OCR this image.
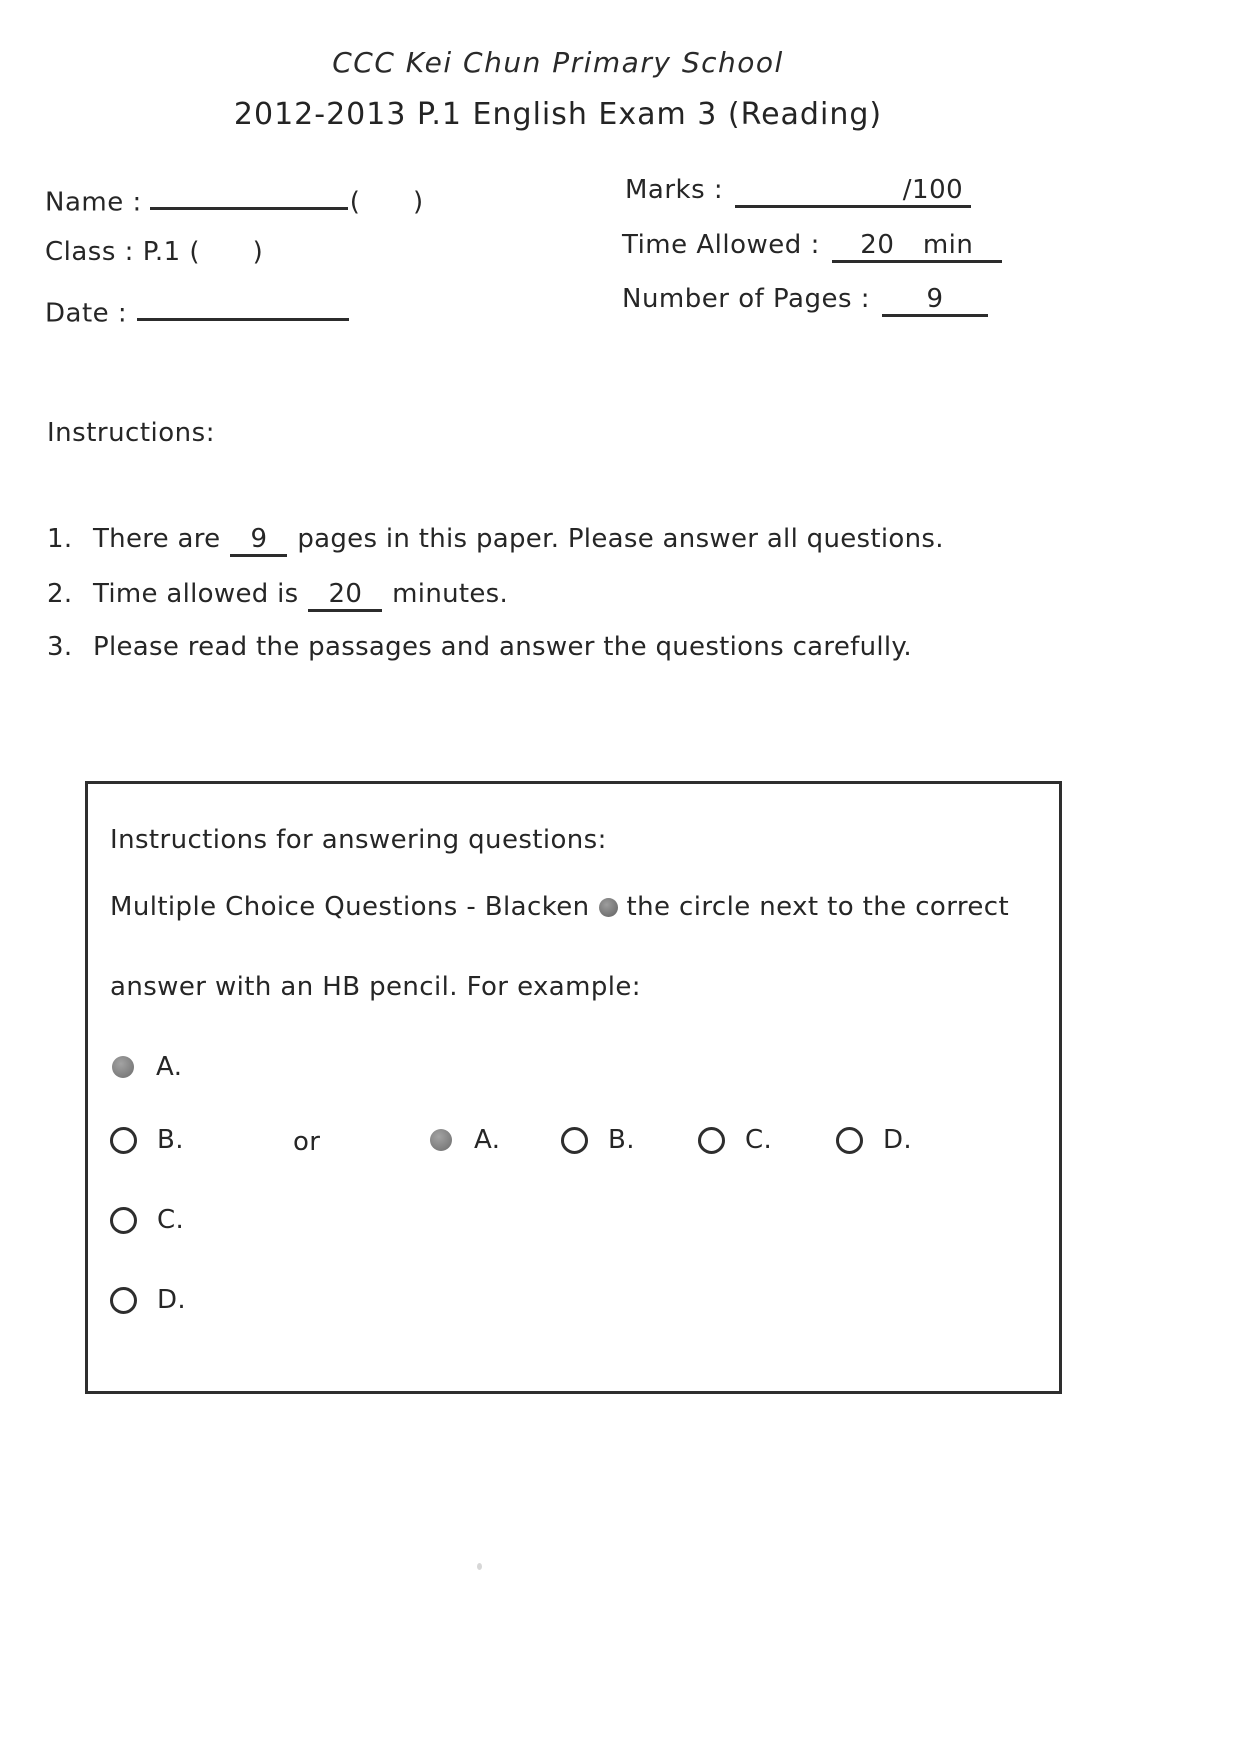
CCC Kei Chun Primary School
2012-2013 P.1 English Exam 3 (Reading)
Name :	(      )
Class : P.1 (      )
Date :
Marks :	/100
Time Allowed : 20 min
Number of Pages : 9
Instructions:
1. There are 9 pages in this paper. Please answer all questions.
2. Time allowed is 20 minutes.
3. Please read the passages and answer the questions carefully.
Instructions for answering questions:
Multiple Choice Questions - Blacken the circle next to the correct
answer with an HB pencil. For example:
A.
B.	or	A.	B.	C.	D.
C.
D.
